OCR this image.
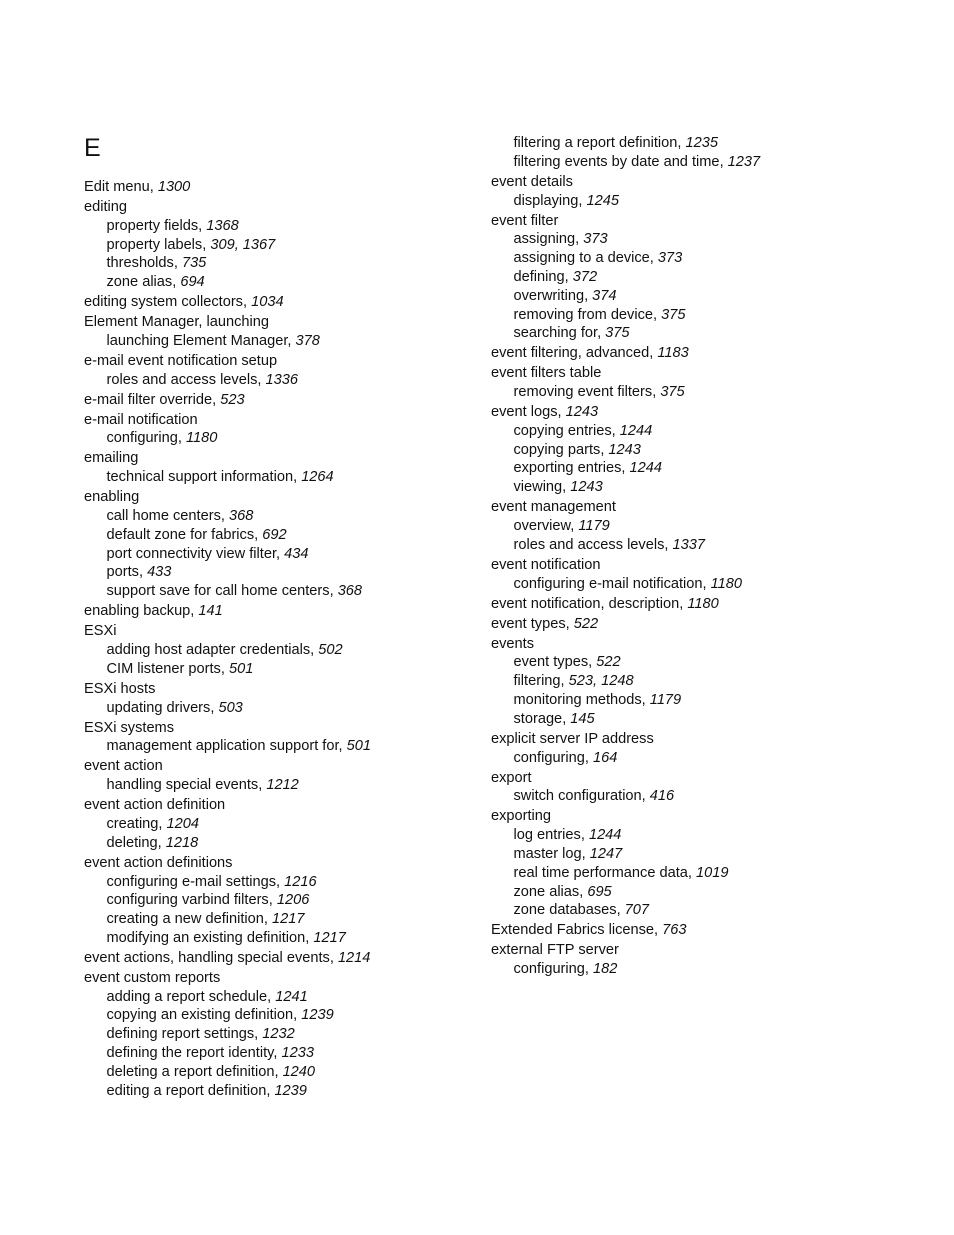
E
Edit menu, 1300
editing
property fields, 1368
property labels, 309, 1367
thresholds, 735
zone alias, 694
editing system collectors, 1034
Element Manager, launching
launching Element Manager, 378
e-mail event notification setup
roles and access levels, 1336
e-mail filter override, 523
e-mail notification
configuring, 1180
emailing
technical support information, 1264
enabling
call home centers, 368
default zone for fabrics, 692
port connectivity view filter, 434
ports, 433
support save for call home centers, 368
enabling backup, 141
ESXi
adding host adapter credentials, 502
CIM listener ports, 501
ESXi hosts
updating drivers, 503
ESXi systems
management application support for, 501
event action
handling special events, 1212
event action definition
creating, 1204
deleting, 1218
event action definitions
configuring e-mail settings, 1216
configuring varbind filters, 1206
creating a new definition, 1217
modifying an existing definition, 1217
event actions, handling special events, 1214
event custom reports
adding a report schedule, 1241
copying an existing definition, 1239
defining report settings, 1232
defining the report identity, 1233
deleting a report definition, 1240
editing a report definition, 1239
filtering a report definition, 1235
filtering events by date and time, 1237
event details
displaying, 1245
event filter
assigning, 373
assigning to a device, 373
defining, 372
overwriting, 374
removing from device, 375
searching for, 375
event filtering, advanced, 1183
event filters table
removing event filters, 375
event logs, 1243
copying entries, 1244
copying parts, 1243
exporting entries, 1244
viewing, 1243
event management
overview, 1179
roles and access levels, 1337
event notification
configuring e-mail notification, 1180
event notification, description, 1180
event types, 522
events
event types, 522
filtering, 523, 1248
monitoring methods, 1179
storage, 145
explicit server IP address
configuring, 164
export
switch configuration, 416
exporting
log entries, 1244
master log, 1247
real time performance data, 1019
zone alias, 695
zone databases, 707
Extended Fabrics license, 763
external FTP server
configuring, 182
